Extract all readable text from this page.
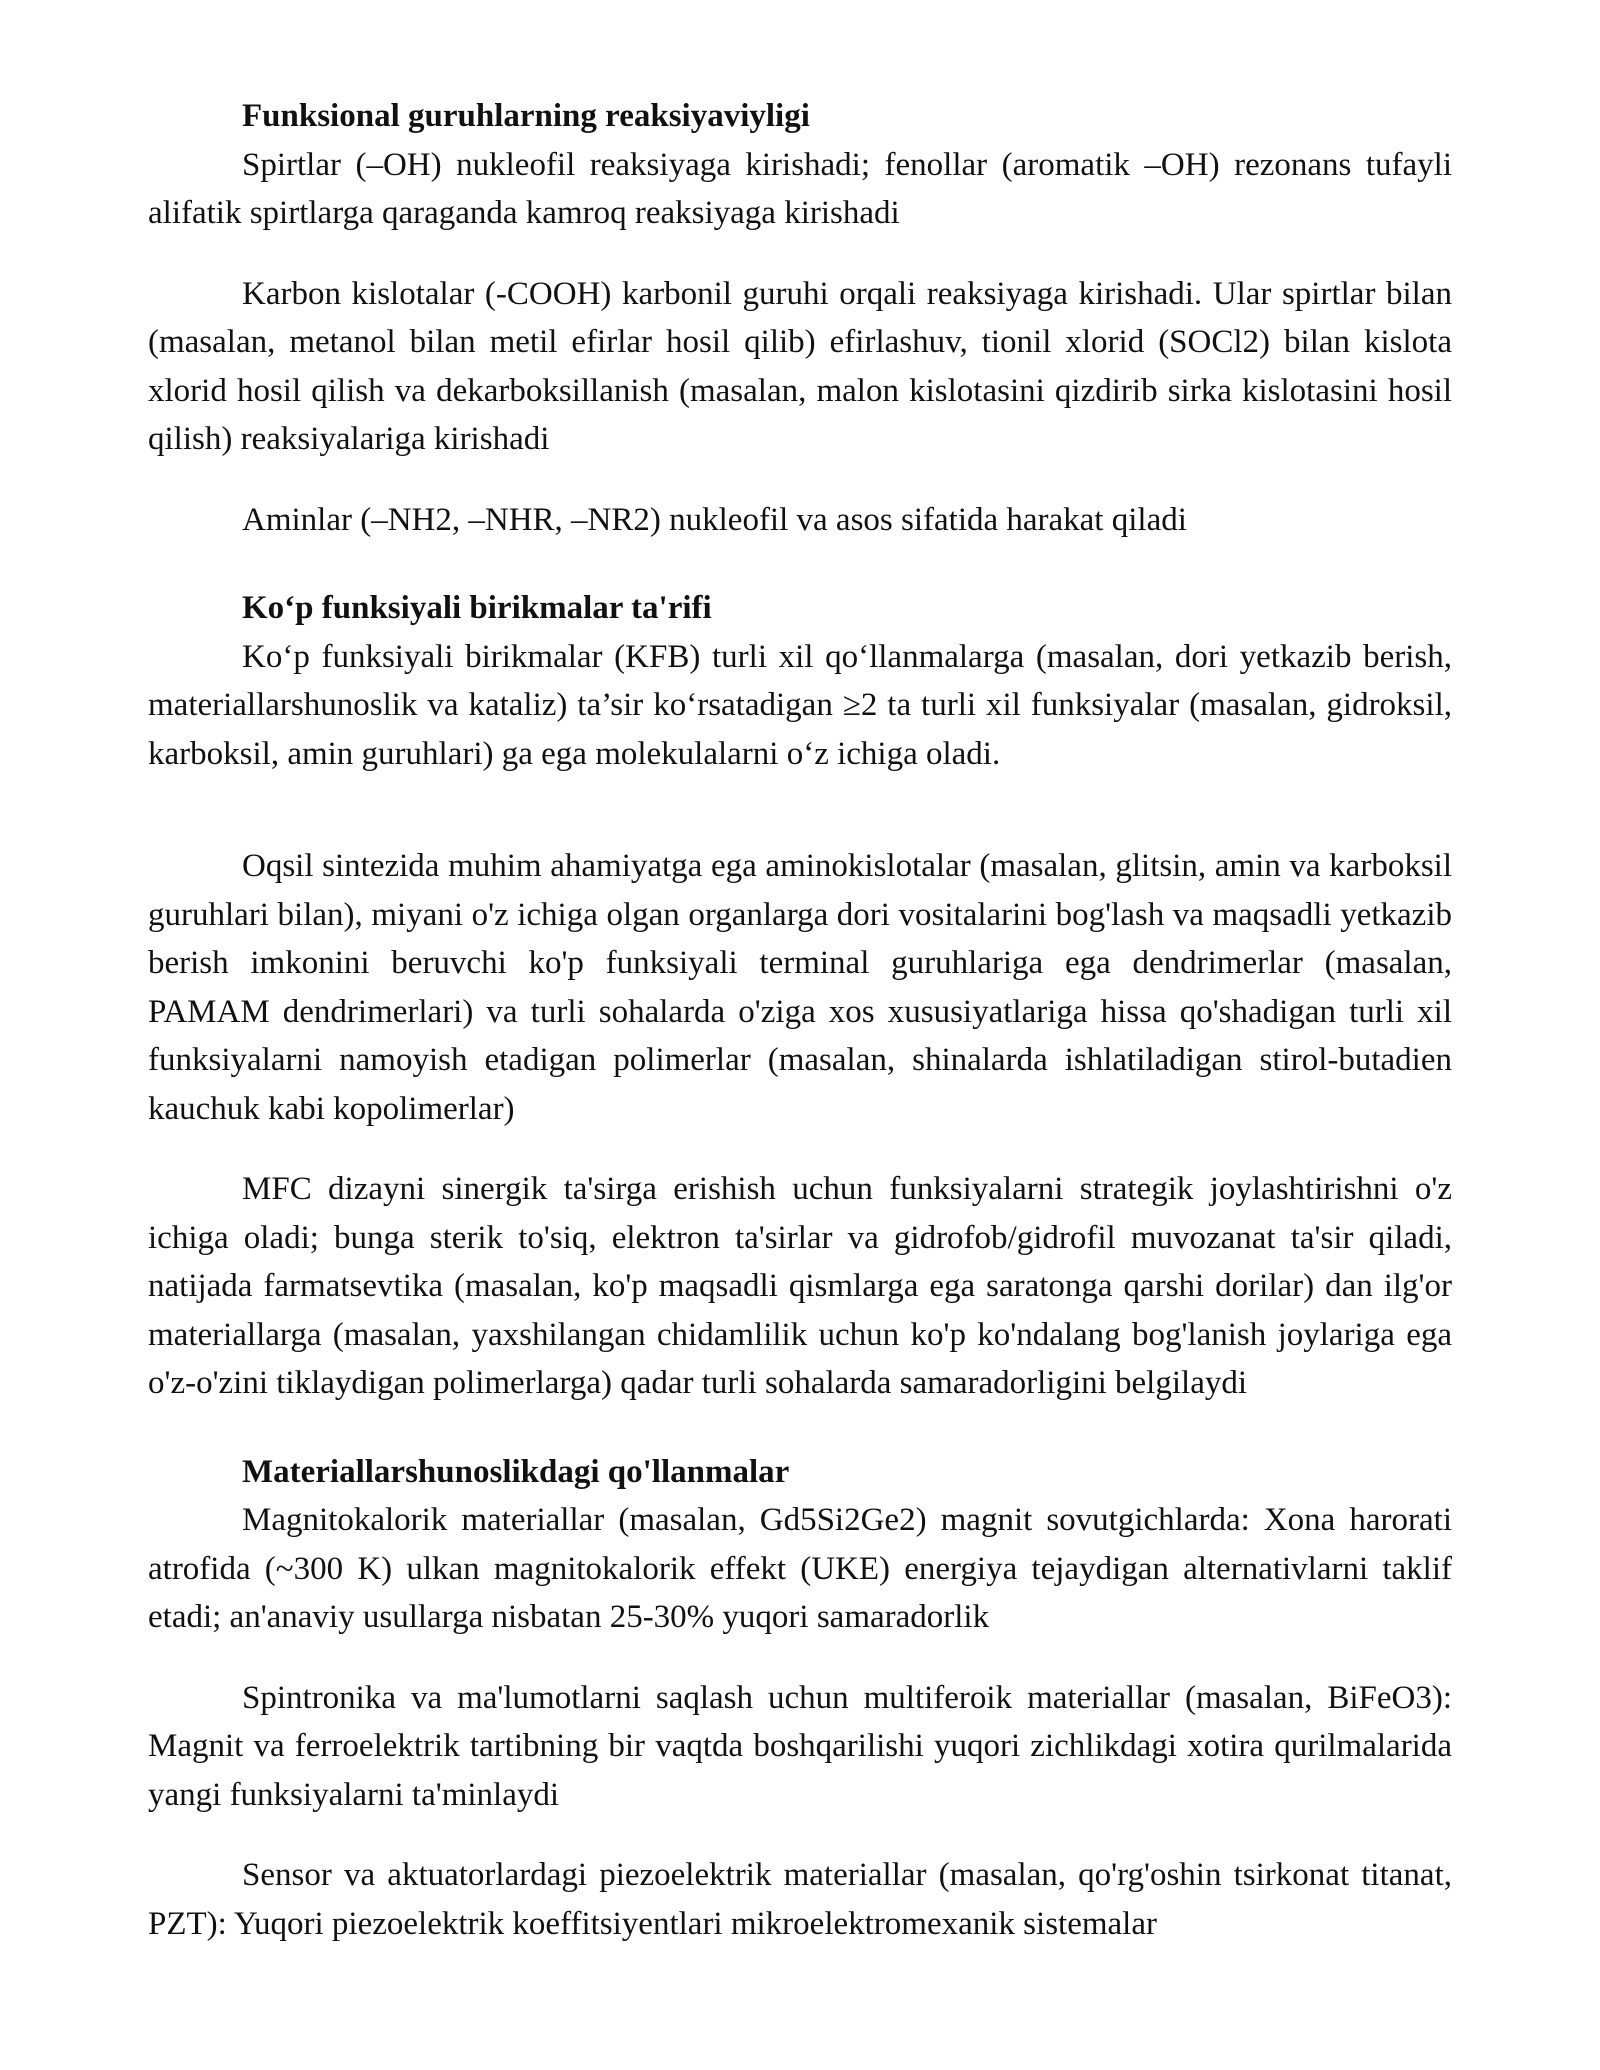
Funksional guruhlarning reaksiyaviyligi

Spirtlar (–OH) nukleofil reaksiyaga kirishadi; fenollar (aromatik –OH) rezonans tufayli alifatik spirtlarga qaraganda kamroq reaksiyaga kirishadi

Karbon kislotalar (-COOH) karbonil guruhi orqali reaksiyaga kirishadi. Ular spirtlar bilan (masalan, metanol bilan metil efirlar hosil qilib) efirlashuv, tionil xlorid (SOCl2) bilan kislota xlorid hosil qilish va dekarboksillanish (masalan, malon kislotasini qizdirib sirka kislotasini hosil qilish) reaksiyalariga kirishadi

Aminlar (–NH2, –NHR, –NR2) nukleofil va asos sifatida harakat qiladi

Ko‘p funksiyali birikmalar ta'rifi

Ko‘p funksiyali birikmalar (KFB) turli xil qo‘llanmalarga (masalan, dori yetkazib berish, materiallarshunoslik va kataliz) ta’sir ko‘rsatadigan ≥2 ta turli xil funksiyalar (masalan, gidroksil, karboksil, amin guruhlari) ga ega molekulalarni o‘z ichiga oladi.

Oqsil sintezida muhim ahamiyatga ega aminokislotalar (masalan, glitsin, amin va karboksil guruhlari bilan), miyani o'z ichiga olgan organlarga dori vositalarini bog'lash va maqsadli yetkazib berish imkonini beruvchi ko'p funksiyali terminal guruhlariga ega dendrimerlar (masalan, PAMAM dendrimerlari) va turli sohalarda o'ziga xos xususiyatlariga hissa qo'shadigan turli xil funksiyalarni namoyish etadigan polimerlar (masalan, shinalarda ishlatiladigan stirol-butadien kauchuk kabi kopolimerlar)

MFC dizayni sinergik ta'sirga erishish uchun funksiyalarni strategik joylashtirishni o'z ichiga oladi; bunga sterik to'siq, elektron ta'sirlar va gidrofob/gidrofil muvozanat ta'sir qiladi, natijada farmatsevtika (masalan, ko'p maqsadli qismlarga ega saratonga qarshi dorilar) dan ilg'or materiallarga (masalan, yaxshilangan chidamlilik uchun ko'p ko'ndalang bog'lanish joylariga ega o'z-o'zini tiklaydigan polimerlarga) qadar turli sohalarda samaradorligini belgilaydi

Materiallarshunoslikdagi qo'llanmalar

Magnitokalorik materiallar (masalan, Gd5Si2Ge2) magnit sovutgichlarda: Xona harorati atrofida (~300 K) ulkan magnitokalorik effekt (UKE) energiya tejaydigan alternativlarni taklif etadi; an'anaviy usullarga nisbatan 25-30% yuqori samaradorlik

Spintronika va ma'lumotlarni saqlash uchun multiferoik materiallar (masalan, BiFeO3): Magnit va ferroelektrik tartibning bir vaqtda boshqarilishi yuqori zichlikdagi xotira qurilmalarida yangi funksiyalarni ta'minlaydi

Sensor va aktuatorlardagi piezoelektrik materiallar (masalan, qo'rg'oshin tsirkonat titanat, PZT): Yuqori piezoelektrik koeffitsiyentlari mikroelektromexanik sistemalar
